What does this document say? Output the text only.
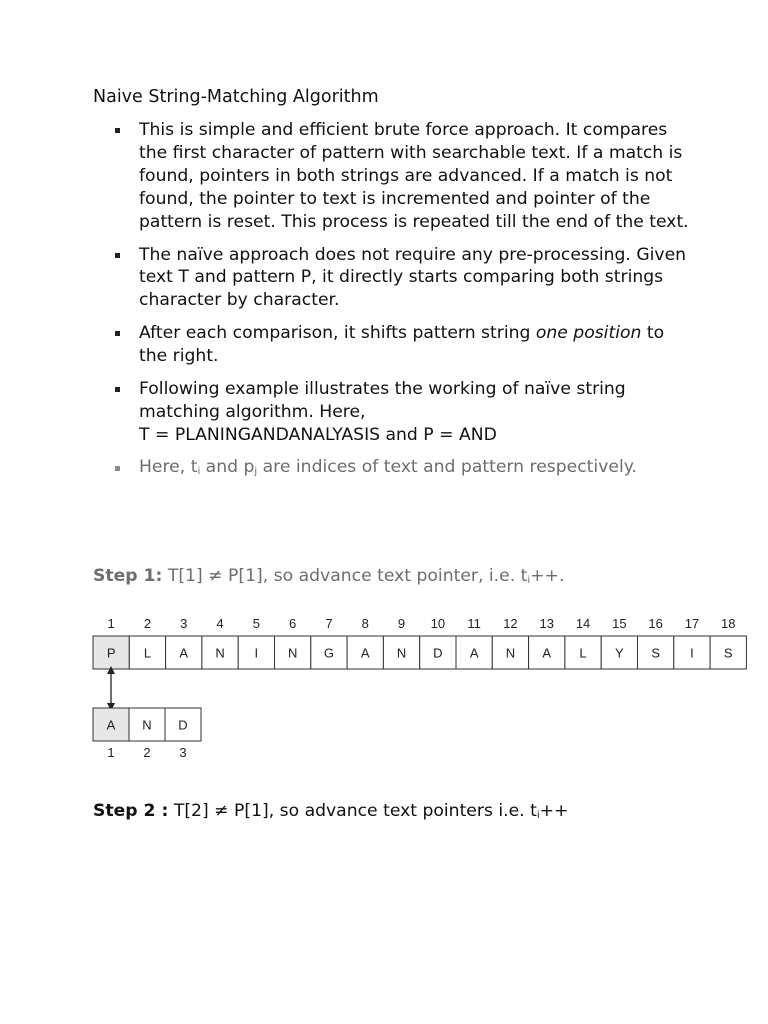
Naive String-Matching Algorithm
This is simple and efficient brute force approach. It compares the first character of pattern with searchable text. If a match is found, pointers in both strings are advanced. If a match is not found, the pointer to text is incremented and pointer of the pattern is reset. This process is repeated till the end of the text.
The naïve approach does not require any pre-processing. Given text T and pattern P, it directly starts comparing both strings character by character.
After each comparison, it shifts pattern string one position to the right.
Following example illustrates the working of naïve string matching algorithm. Here,
T = PLANINGANDANALYASIS and P = AND
Here, $t_i$ and $p_j$ are indices of text and pattern respectively.
Step 1: T[1] ≠ P[1], so advance text pointer, i.e. $t_i++$.
1 2 3 4 5 6 7 8 9 10 11 12 13 14 15 16 17 18
P L A N I N G A N D A N A L Y S I S
A N D
1 2 3
Step 2 : T[2] ≠ P[1], so advance text pointers i.e. $t_i++$
